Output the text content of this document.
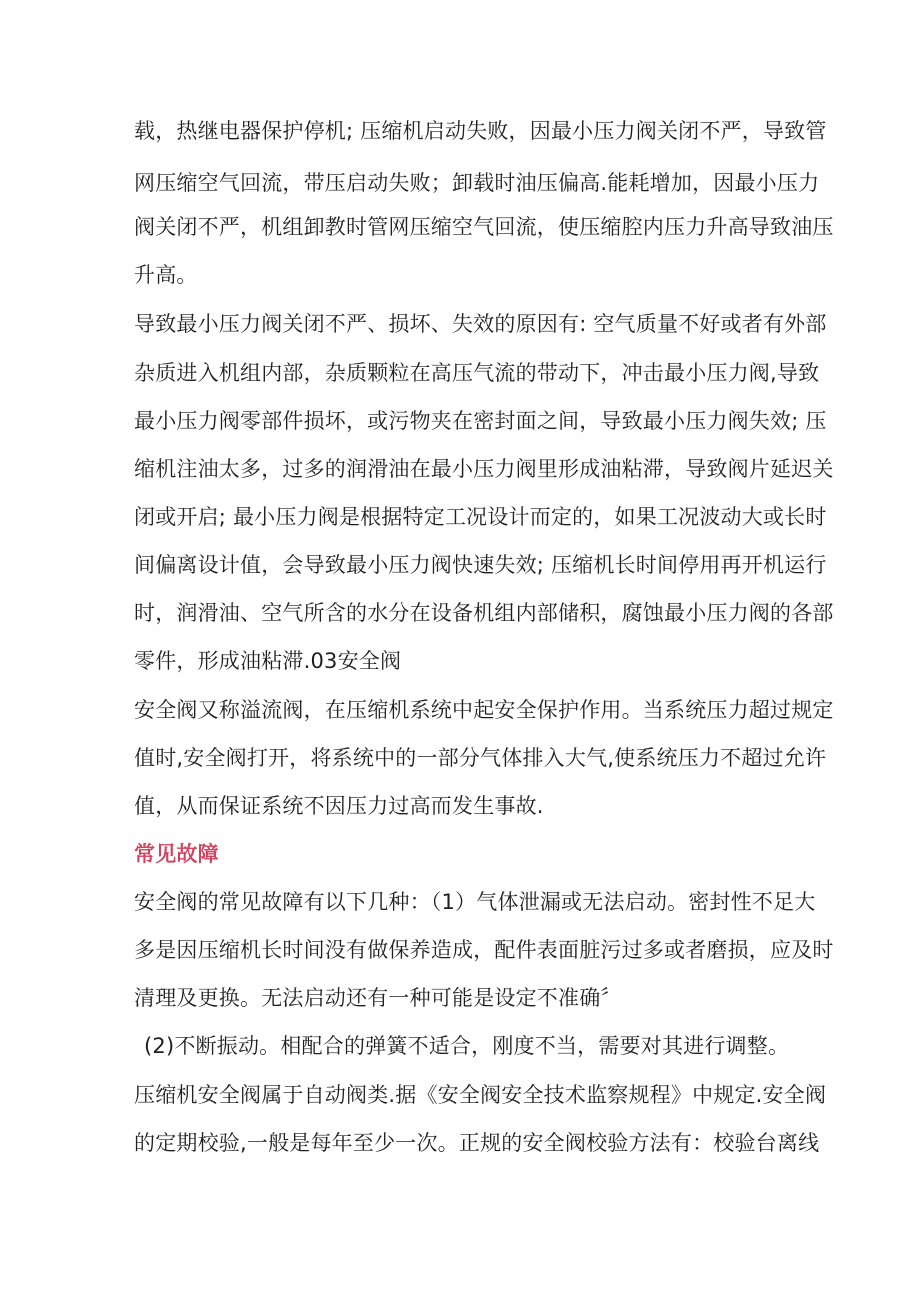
载，热继电器保护停机; 压缩机启动失败，因最小压力阀关闭不严，导致管
网压缩空气回流，带压启动失败；卸载时油压偏高.能耗增加，因最小压力
阀关闭不严，机组卸教时管网压缩空气回流，使压缩腔内压力升高导致油压
升高。
导致最小压力阀关闭不严、损坏、失效的原因有: 空气质量不好或者有外部
杂质进入机组内部，杂质颗粒在高压气流的带动下，冲击最小压力阀,导致
最小压力阀零部件损坏，或污物夹在密封面之间，导致最小压力阀失效; 压
缩机注油太多，过多的润滑油在最小压力阀里形成油粘滞，导致阀片延迟关
闭或开启; 最小压力阀是根据特定工况设计而定的，如果工况波动大或长时
间偏离设计值，会导致最小压力阀快速失效; 压缩机长时间停用再开机运行
时，润滑油、空气所含的水分在设备机组内部储积，腐蚀最小压力阀的各部
零件，形成油粘滞.03安全阀
安全阀又称溢流阀，在压缩机系统中起安全保护作用。当系统压力超过规定
值时,安全阀打开，将系统中的一部分气体排入大气,使系统压力不超过允许
值，从而保证系统不因压力过高而发生事故.
常见故障
安全阀的常见故障有以下几种：（1）气体泄漏或无法启动。密封性不足大
多是因压缩机长时间没有做保养造成，配件表面脏污过多或者磨损，应及时
清理及更换。无法启动还有一种可能是设定不准确〞
(2)不断振动。相配合的弹簧不适合，刚度不当，需要对其进行调整。
压缩机安全阀属于自动阀类.据《安全阀安全技术监察规程》中规定.安全阀
的定期校验,一般是每年至少一次。正规的安全阀校验方法有：校验台离线
